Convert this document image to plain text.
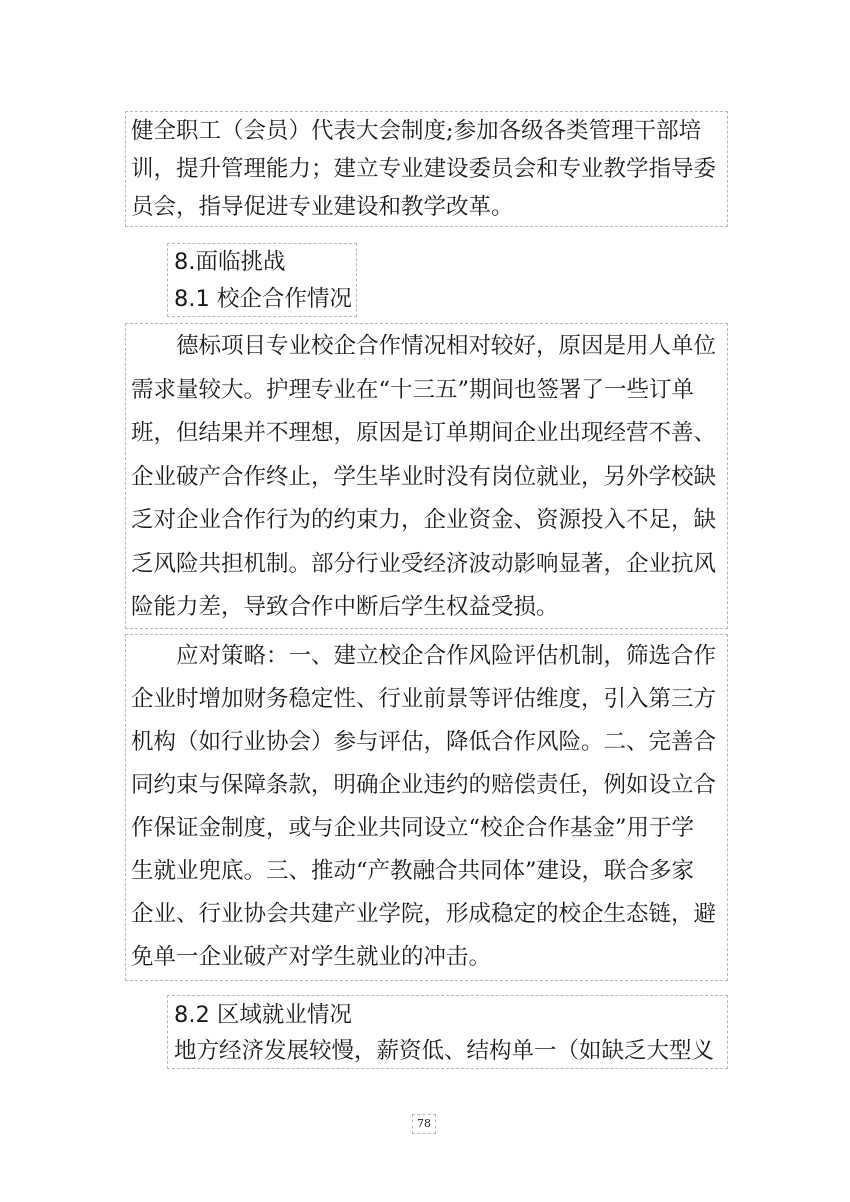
健全职工（会员）代表大会制度;参加各级各类管理干部培
训，提升管理能力；建立专业建设委员会和专业教学指导委
员会，指导促进专业建设和教学改革。
8.面临挑战
8.1 校企合作情况
德标项目专业校企合作情况相对较好，原因是用人单位
需求量较大。护理专业在“十三五”期间也签署了一些订单
班，但结果并不理想，原因是订单期间企业出现经营不善、
企业破产合作终止，学生毕业时没有岗位就业，另外学校缺
乏对企业合作行为的约束力，企业资金、资源投入不足，缺
乏风险共担机制。部分行业受经济波动影响显著，企业抗风
险能力差，导致合作中断后学生权益受损。
应对策略：一、建立校企合作风险评估机制，筛选合作
企业时增加财务稳定性、行业前景等评估维度，引入第三方
机构（如行业协会）参与评估，降低合作风险。二、完善合
同约束与保障条款，明确企业违约的赔偿责任，例如设立合
作保证金制度，或与企业共同设立“校企合作基金”用于学
生就业兜底。三、推动“产教融合共同体”建设，联合多家
企业、行业协会共建产业学院，形成稳定的校企生态链，避
免单一企业破产对学生就业的冲击。
8.2 区域就业情况
地方经济发展较慢，薪资低、结构单一（如缺乏大型义
78
